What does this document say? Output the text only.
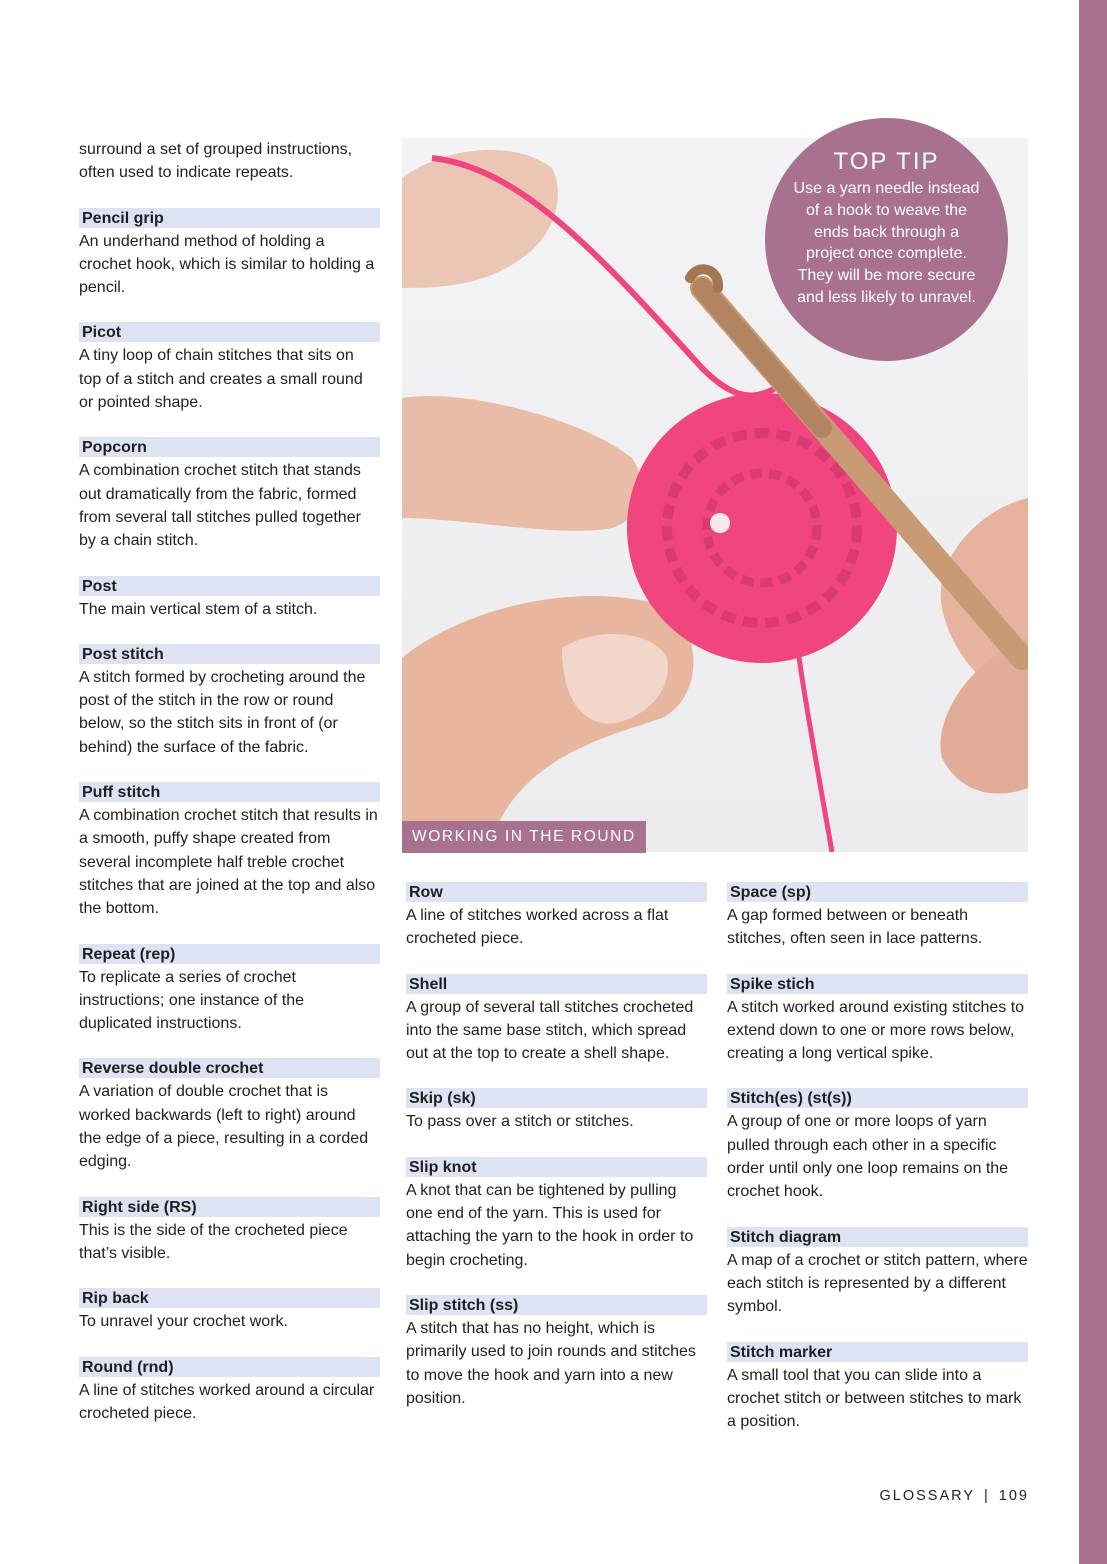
surround a set of grouped instructions, often used to indicate repeats.

Pencil grip

An underhand method of holding a crochet hook, which is similar to holding a pencil.

Picot

A tiny loop of chain stitches that sits on top of a stitch and creates a small round or pointed shape.

Popcorn

A combination crochet stitch that stands out dramatically from the fabric, formed from several tall stitches pulled together by a chain stitch.

Post

The main vertical stem of a stitch.

Post stitch

A stitch formed by crocheting around the post of the stitch in the row or round below, so the stitch sits in front of (or behind) the surface of the fabric.

Puff stitch

A combination crochet stitch that results in a smooth, puffy shape created from several incomplete half treble crochet stitches that are joined at the top and also the bottom.

Repeat (rep)

To replicate a series of crochet instructions; one instance of the duplicated instructions.

Reverse double crochet

A variation of double crochet that is worked backwards (left to right) around the edge of a piece, resulting in a corded edging.

Right side (RS)

This is the side of the crocheted piece that’s visible.

Rip back

To unravel your crochet work.

Round (rnd)

A line of stitches worked around a circular crocheted piece.

WORKING IN THE ROUND
TOP TIP
Use a yarn needle instead of a hook to weave the ends back through a project once complete. They will be more secure and less likely to unravel.
Row

A line of stitches worked across a flat crocheted piece.

Shell

A group of several tall stitches crocheted into the same base stitch, which spread out at the top to create a shell shape.

Skip (sk)

To pass over a stitch or stitches.

Slip knot

A knot that can be tightened by pulling one end of the yarn. This is used for attaching the yarn to the hook in order to begin crocheting.

Slip stitch (ss)

A stitch that has no height, which is primarily used to join rounds and stitches to move the hook and yarn into a new position.

Space (sp)

A gap formed between or beneath stitches, often seen in lace patterns.

Spike stich

A stitch worked around existing stitches to extend down to one or more rows below, creating a long vertical spike.

Stitch(es) (st(s))

A group of one or more loops of yarn pulled through each other in a specific order until only one loop remains on the crochet hook.

Stitch diagram

A map of a crochet or stitch pattern, where each stitch is represented by a different symbol.

Stitch marker

A small tool that you can slide into a crochet stitch or between stitches to mark a position.

GLOSSARY | 109
